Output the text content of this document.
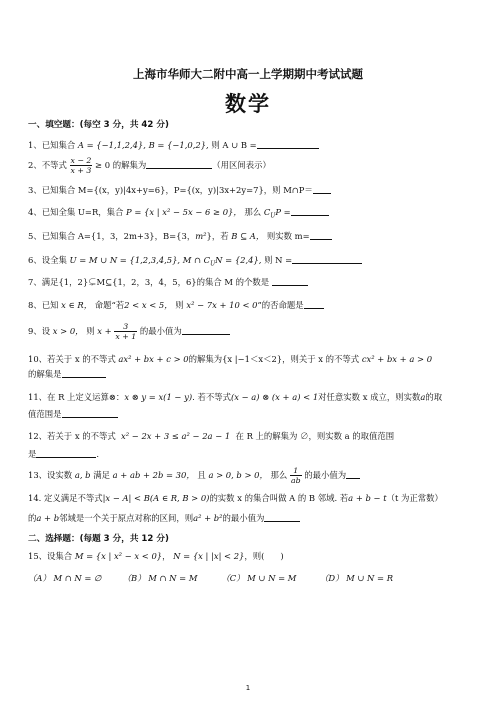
上海市华师大二附中高一上学期期中考试试题
数学
一、填空题：(每空 3 分，共 42 分)
1、已知集合 A = {−1,1,2,4}, B = {−1,0,2}, 则 A ∪ B =
2、不等式 $\frac{x - 2}{x + 3} \ge 0$ 的解集为	（用区间表示）
3、已知集合 M={(x，y)|4x+y=6}，P={(x，y)|3x+2y=7}，则 M∩P＝
4、已知全集 U=R，集合 P = {x | x² − 5x − 6 ≥ 0}， 那么 $C_UP$ =
5、已知集合 A={1，3，2m+3}，B={3，m²}，若 B ⊆ A， 则实数 m=
6、设全集 U = M ∪ N = {1,2,3,4,5}, M ∩ $C_UN = \{2,4\}$, 则 N =
7、满足{1，2}⊊M⊆{1，2，3，4，5，6}的集合 M 的个数是
8、已知 x ∈ R， 命题“若2 < x < 5， 则 x² − 7x + 10 < 0”的否命题是
9、设 x > 0， 则 $x + \frac{3}{x + 1}$ 的最小值为
10、若关于 x 的不等式 ax² + bx + c > 0的解集为{x |−1＜x＜2}，则关于 x 的不等式 cx² + bx + a > 0
的解集是
11、在 R 上定义运算⊗：x ⊗ y = x(1 − y). 若不等式(x − a) ⊗ (x + a) < 1对任意实数 x 成立，则实数a的取
值范围是
12、若关于 x 的不等式 x² − 2x + 3 ≤ a² − 2a − 1 在 R 上的解集为 ∅，则实数 a 的取值范围
是	.
13、设实数 a, b 满足 a + ab + 2b = 30， 且 a > 0, b > 0， 那么 $\frac{1}{ab}$ 的最小值为
14. 定义满足不等式|x − A| < B(A ∈ R, B > 0)的实数 x 的集合叫做 A 的 B 邻域. 若a + b − t（t 为正常数）
的a + b邻域是一个关于原点对称的区间，则a² + b²的最小值为
二、选择题：(每题 3 分，共 12 分)
15、设集合 M = {x | x² − x < 0}， N = {x | |x| < 2}，则( )
（A） M ∩ N = ∅	（B） M ∩ N = M	（C） M ∪ N = M	（D） M ∪ N = R
1
